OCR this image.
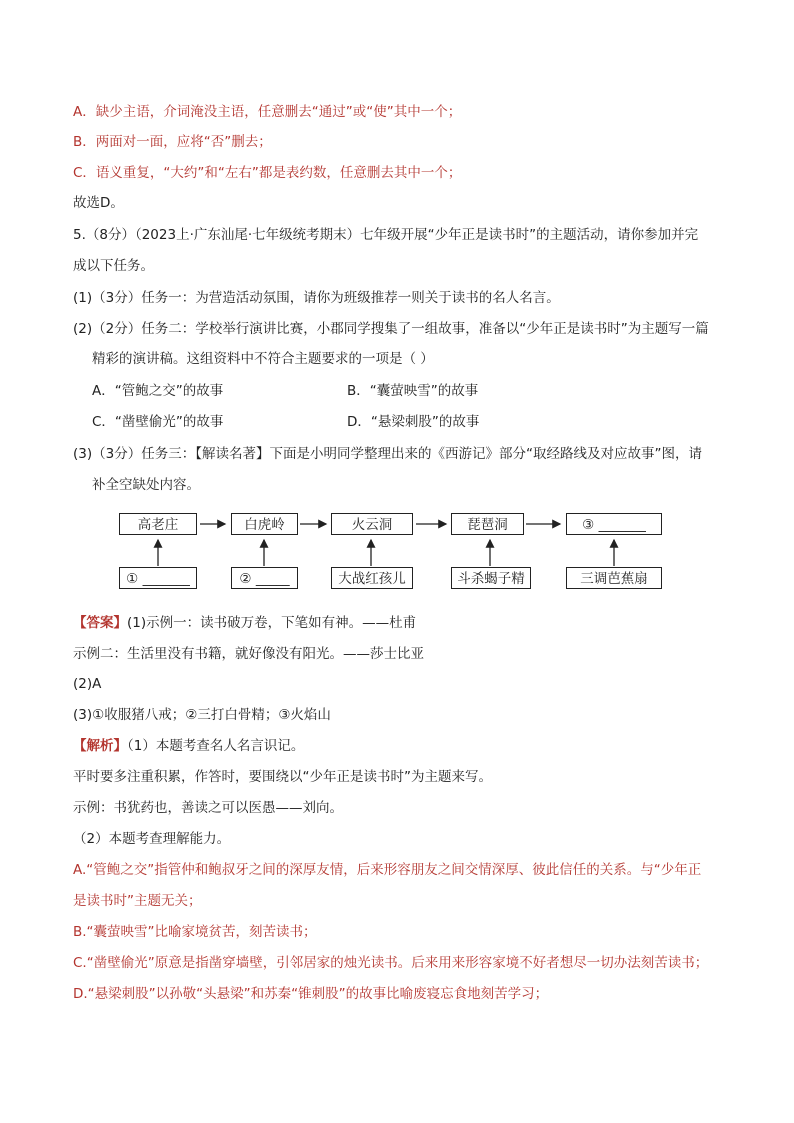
A．缺少主语，介词淹没主语，任意删去“通过”或“使”其中一个；
B．两面对一面，应将“否”删去；
C．语义重复，“大约”和“左右”都是表约数，任意删去其中一个；
故选D。
5.（8分）（2023上·广东汕尾·七年级统考期末）七年级开展“少年正是读书时”的主题活动，请你参加并完
成以下任务。
(1)（3分）任务一：为营造活动氛围，请你为班级推荐一则关于读书的名人名言。
(2)（2分）任务二：学校举行演讲比赛，小郡同学搜集了一组故事，准备以“少年正是读书时”为主题写一篇
精彩的演讲稿。这组资料中不符合主题要求的一项是（ ）
A．“管鲍之交”的故事	B．“囊萤映雪”的故事
C．“凿壁偷光”的故事	D．“悬梁刺股”的故事
(3)（3分）任务三：【解读名著】下面是小明同学整理出来的《西游记》部分“取经路线及对应故事”图，请
补全空缺处内容。
高老庄	白虎岭	火云洞	琵琶洞	③ _______
① _______	② _____	大战红孩儿	斗杀蝎子精	三调芭蕉扇
【答案】(1)示例一：读书破万卷，下笔如有神。——杜甫
示例二：生活里没有书籍，就好像没有阳光。——莎士比亚
(2)A
(3)①收服猪八戒；②三打白骨精；③火焰山
【解析】（1）本题考查名人名言识记。
平时要多注重积累，作答时，要围绕以“少年正是读书时”为主题来写。
示例：书犹药也，善读之可以医愚——刘向。
（2）本题考查理解能力。
A.“管鲍之交”指管仲和鲍叔牙之间的深厚友情，后来形容朋友之间交情深厚、彼此信任的关系。与“少年正
是读书时”主题无关；
B.“囊萤映雪”比喻家境贫苦，刻苦读书；
C.“凿壁偷光”原意是指凿穿墙壁，引邻居家的烛光读书。后来用来形容家境不好者想尽一切办法刻苦读书；
D.“悬梁刺股”以孙敬“头悬梁”和苏秦“锥刺股”的故事比喻废寝忘食地刻苦学习；
